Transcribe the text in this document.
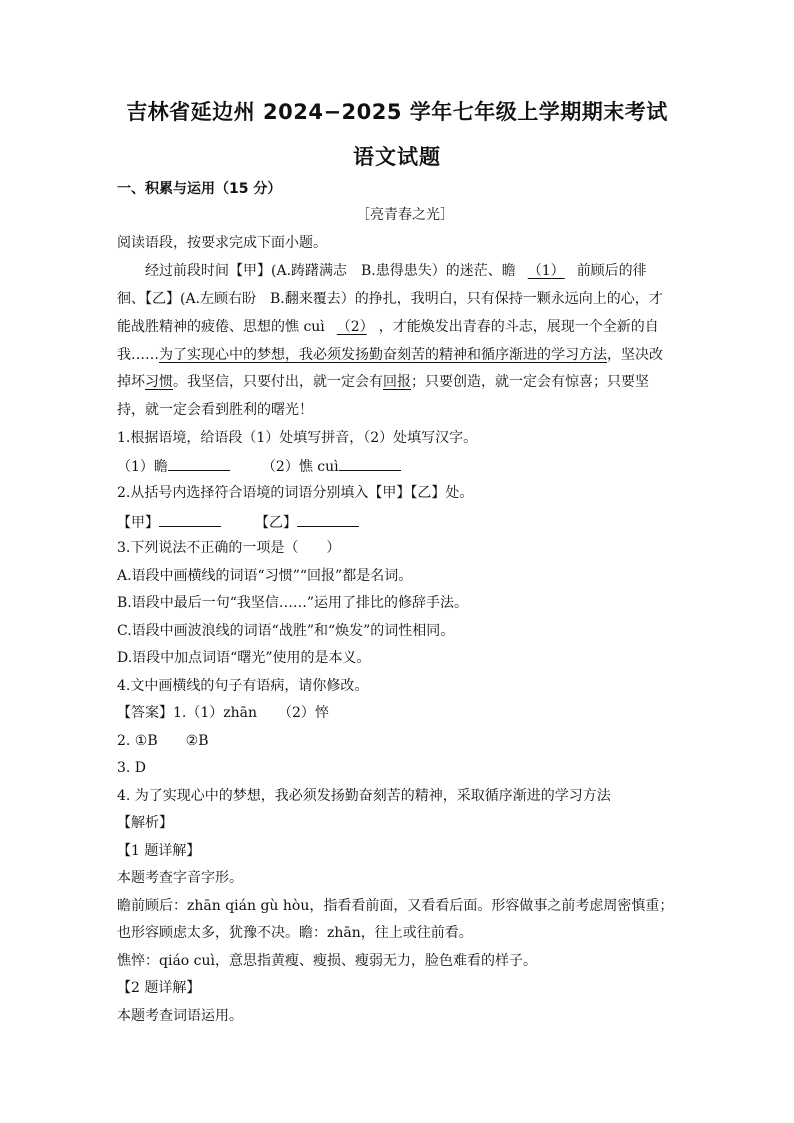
吉林省延边州 2024−2025 学年七年级上学期期末考试
语文试题
一、积累与运用（15 分）
［亮青春之光］
阅读语段，按要求完成下面小题。
经过前段时间【甲】(A.踌躇满志　B.患得患失）的迷茫、瞻 （1） 前顾后的徘
徊、【乙】(A.左顾右盼　B.翻来覆去）的挣扎，我明白，只有保持一颗永远向上的心，才
能战胜精神的疲倦、思想的憔 cuì （2） ，才能焕发出青春的斗志，展现一个全新的自
我……为了实现心中的梦想，我必须发扬勤奋刻苦的精神和循序渐进的学习方法，坚决改
掉坏习惯。我坚信，只要付出，就一定会有回报；只要创造，就一定会有惊喜；只要坚
持，就一定会看到胜利的曙光！
1.根据语境，给语段（1）处填写拼音，（2）处填写汉字。
（1）瞻	（2）憔 cuì
2.从括号内选择符合语境的词语分别填入【甲】【乙】处。
【甲】	【乙】
3.下列说法不正确的一项是（　　）
A.语段中画横线的词语“习惯”“回报”都是名词。
B.语段中最后一句“我坚信……”运用了排比的修辞手法。
C.语段中画波浪线的词语“战胜”和“焕发”的词性相同。
D.语段中加点词语“曙光”使用的是本义。
4.文中画横线的句子有语病，请你修改。
【答案】1.（1）zhān　　（2）悴
2. ①B　　②B
3. D
4. 为了实现心中的梦想，我必须发扬勤奋刻苦的精神，采取循序渐进的学习方法
【解析】
【1 题详解】
本题考查字音字形。
瞻前顾后：zhān qián gù hòu，指看看前面，又看看后面。形容做事之前考虑周密慎重；
也形容顾虑太多，犹豫不决。瞻：zhān，往上或往前看。
憔悴：qiáo cuì，意思指黄瘦、瘦损、瘦弱无力，脸色难看的样子。
【2 题详解】
本题考查词语运用。
